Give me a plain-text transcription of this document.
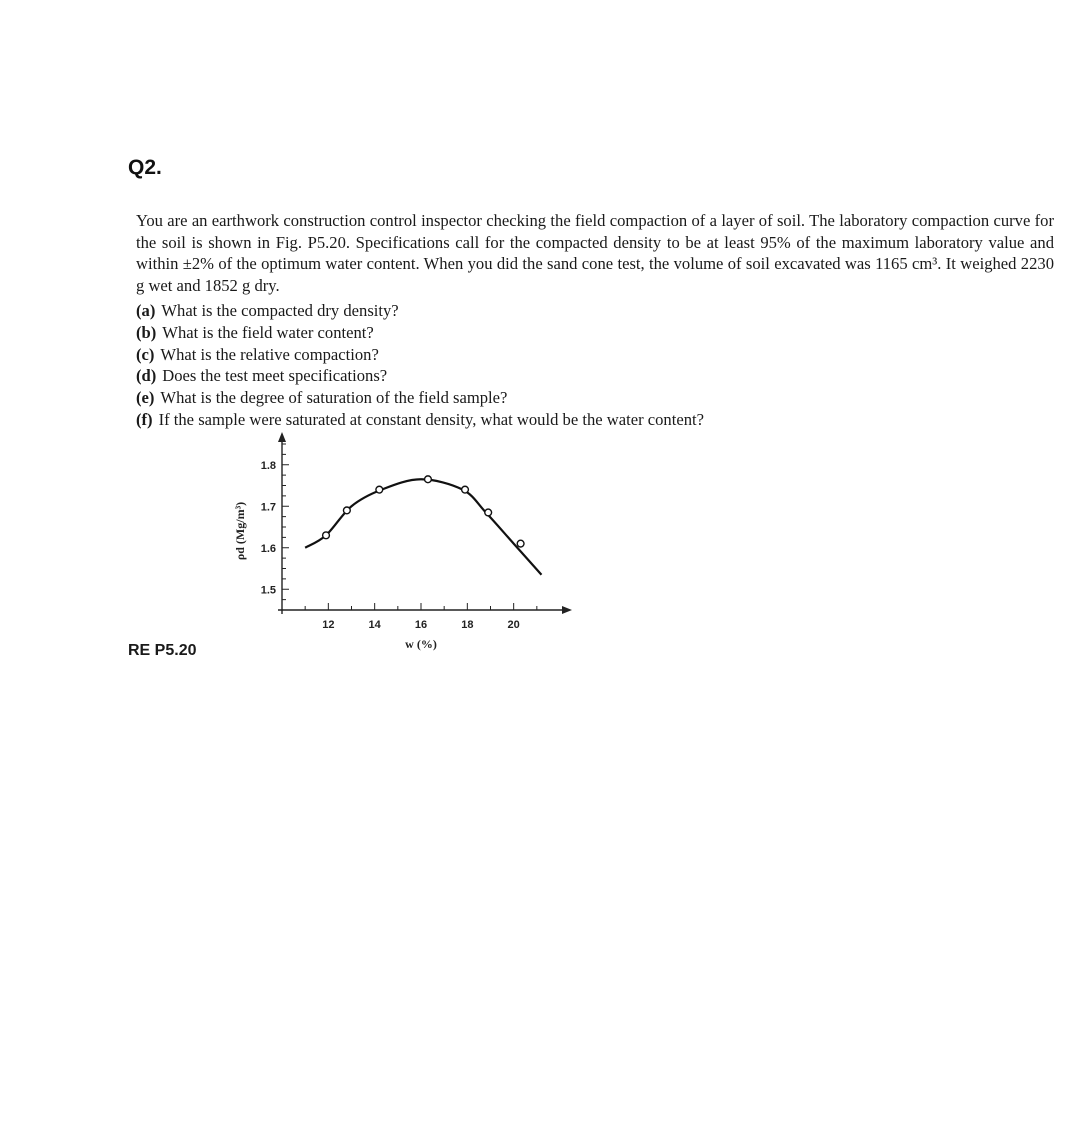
Q2.
You are an earthwork construction control inspector checking the field compaction of a layer of soil. The laboratory compaction curve for the soil is shown in Fig. P5.20. Specifications call for the compacted density to be at least 95% of the maximum laboratory value and within ±2% of the optimum water content. When you did the sand cone test, the volume of soil excavated was 1165 cm³. It weighed 2230 g wet and 1852 g dry.
(a) What is the compacted dry density?
(b) What is the field water content?
(c) What is the relative compaction?
(d) Does the test meet specifications?
(e) What is the degree of saturation of the field sample?
(f) If the sample were saturated at constant density, what would be the water content?
12	14	16	18	20
1.5
1.6
1.7
1.8
ρd (Mg/m³)
w (%)
RE P5.20
